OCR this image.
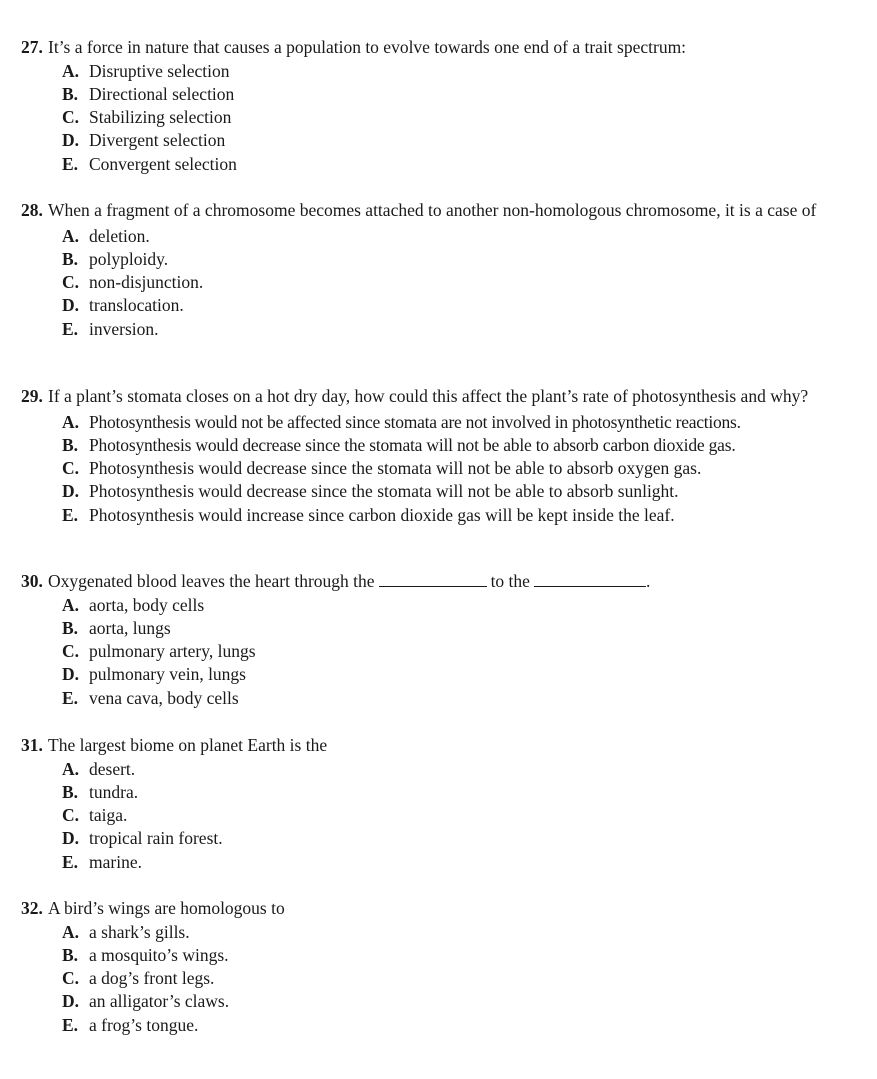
27. It’s a force in nature that causes a population to evolve towards one end of a trait spectrum:
A. Disruptive selection
B. Directional selection
C. Stabilizing selection
D. Divergent selection
E. Convergent selection
28. When a fragment of a chromosome becomes attached to another non-homologous chromosome, it is a case of
A. deletion.
B. polyploidy.
C. non-disjunction.
D. translocation.
E. inversion.
29. If a plant’s stomata closes on a hot dry day, how could this affect the plant’s rate of photosynthesis and why?
A. Photosynthesis would not be affected since stomata are not involved in photosynthetic reactions.
B. Photosynthesis would decrease since the stomata will not be able to absorb carbon dioxide gas.
C. Photosynthesis would decrease since the stomata will not be able to absorb oxygen gas.
D. Photosynthesis would decrease since the stomata will not be able to absorb sunlight.
E. Photosynthesis would increase since carbon dioxide gas will be kept inside the leaf.
30. Oxygenated blood leaves the heart through the	to the	.
A. aorta, body cells
B. aorta, lungs
C. pulmonary artery, lungs
D. pulmonary vein, lungs
E. vena cava, body cells
31. The largest biome on planet Earth is the
A. desert.
B. tundra.
C. taiga.
D. tropical rain forest.
E. marine.
32. A bird’s wings are homologous to
A. a shark’s gills.
B. a mosquito’s wings.
C. a dog’s front legs.
D. an alligator’s claws.
E. a frog’s tongue.
